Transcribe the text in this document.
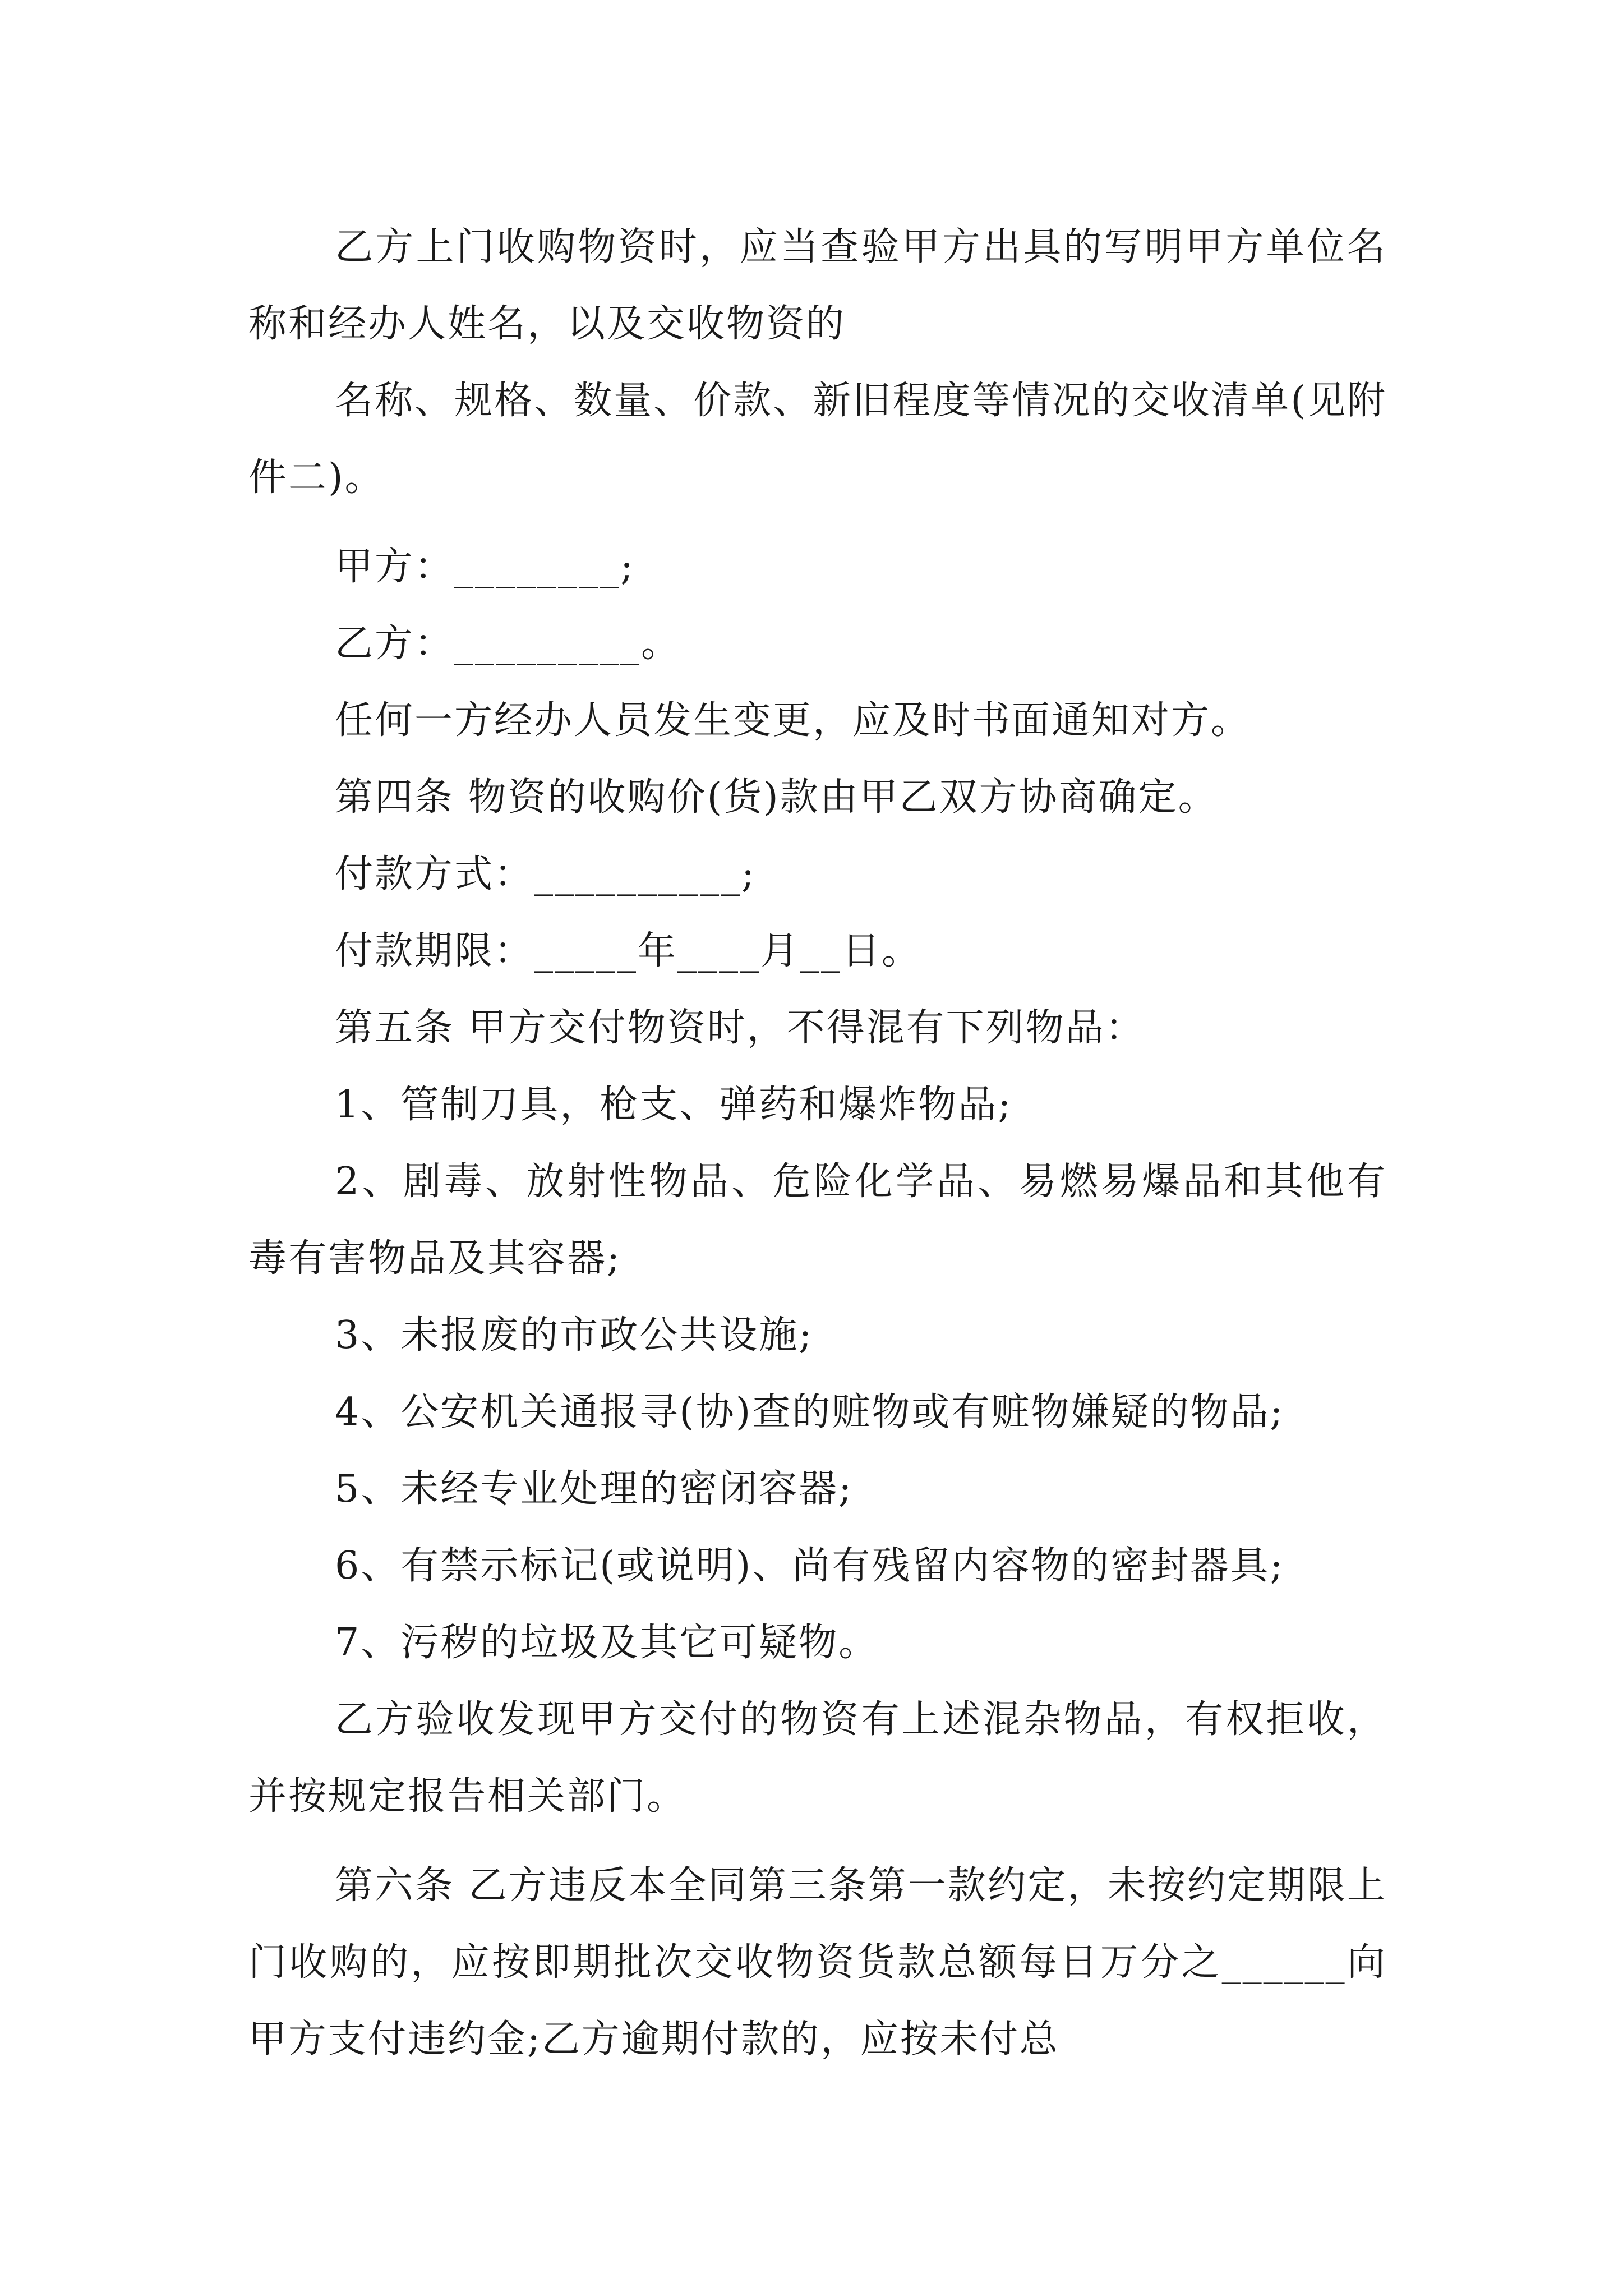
乙方上门收购物资时，应当查验甲方出具的写明甲方单位名称和经办人姓名，以及交收物资的

名称、规格、数量、价款、新旧程度等情况的交收清单(见附件二)。

甲方：________;

乙方：_________。

任何一方经办人员发生变更，应及时书面通知对方。

第四条 物资的收购价(货)款由甲乙双方协商确定。

付款方式：__________;

付款期限：_____年____月__日。

第五条 甲方交付物资时，不得混有下列物品：

1、管制刀具，枪支、弹药和爆炸物品;

2、剧毒、放射性物品、危险化学品、易燃易爆品和其他有毒有害物品及其容器;

3、未报废的市政公共设施;

4、公安机关通报寻(协)查的赃物或有赃物嫌疑的物品;

5、未经专业处理的密闭容器;

6、有禁示标记(或说明)、尚有残留内容物的密封器具;

7、污秽的垃圾及其它可疑物。

乙方验收发现甲方交付的物资有上述混杂物品，有权拒收，并按规定报告相关部门。

第六条 乙方违反本全同第三条第一款约定，未按约定期限上门收购的，应按即期批次交收物资货款总额每日万分之______向甲方支付违约金;乙方逾期付款的，应按未付总
